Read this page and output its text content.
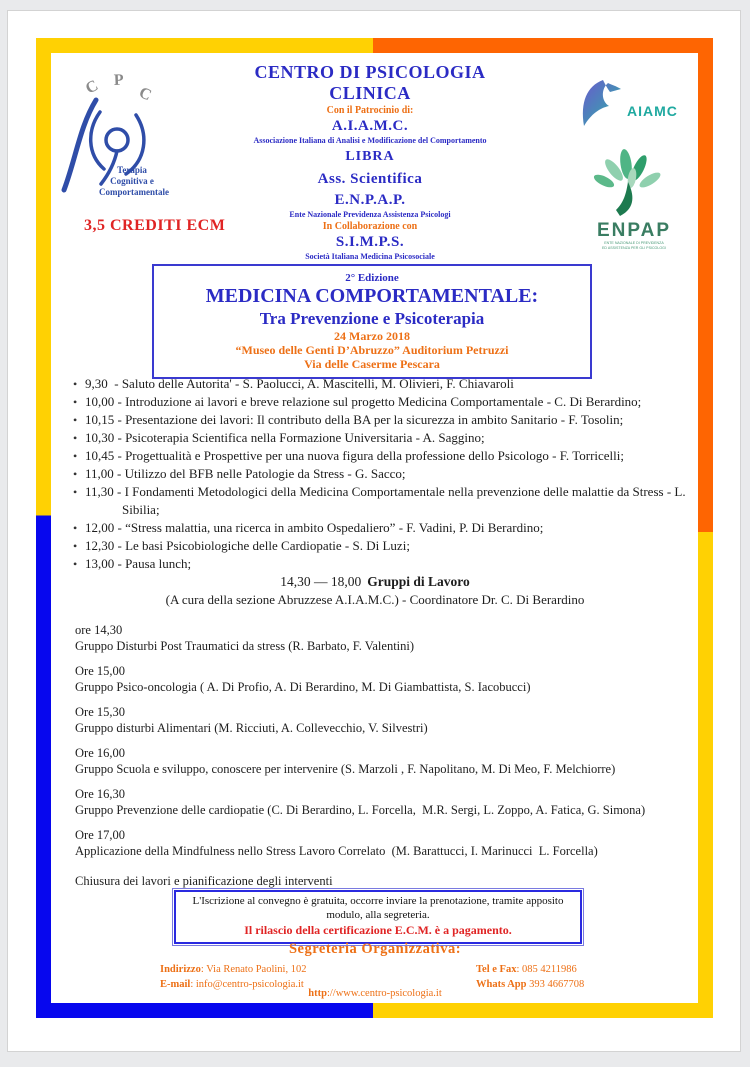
C P
C
Terapia
Cognitiva e
Comportamentale
CENTRO DI PSICOLOGIA
CLINICA
Con il Patrocinio di:
A.I.A.M.C.
Associazione Italiana di Analisi e Modificazione del Comportamento
LIBRA
Ass. Scientifica
E.N.P.A.P.
Ente Nazionale Previdenza Assistenza Psicologi
In Collaborazione con
S.I.M.P.S.
Società Italiana Medicina Psicosociale
AIAMC
ENPAP
ENTE NAZIONALE DI PREVIDENZA
ED ASSISTENZA PER GLI PSICOLOGI
3,5 CREDITI ECM
2° Edizione
MEDICINA COMPORTAMENTALE:
Tra Prevenzione e Psicoterapia
24 Marzo 2018
“Museo delle Genti D’Abruzzo” Auditorium Petruzzi
Via delle Caserme Pescara
• 9,30  - Saluto delle Autorita' - S. Paolucci, A. Mascitelli, M. Olivieri, F. Chiavaroli
• 10,00 - Introduzione ai lavori e breve relazione sul progetto Medicina Comportamentale - C. Di Berardino;
• 10,15 - Presentazione dei lavori: Il contributo della BA per la sicurezza in ambito Sanitario - F. Tosolin;
• 10,30 - Psicoterapia Scientifica nella Formazione Universitaria - A. Saggino;
• 10,45 - Progettualità e Prospettive per una nuova figura della professione dello Psicologo - F. Torricelli;
• 11,00 - Utilizzo del BFB nelle Patologie da Stress - G. Sacco;
• 11,30 - I Fondamenti Metodologici della Medicina Comportamentale nella prevenzione delle malattie da Stress - L. Sibilia;
• 12,00 - “Stress malattia, una ricerca in ambito Ospedaliero” - F. Vadini, P. Di Berardino;
• 12,30 - Le basi Psicobiologiche delle Cardiopatie - S. Di Luzi;
• 13,00 - Pausa lunch;
14,30 — 18,00 Gruppi di Lavoro
(A cura della sezione Abruzzese A.I.A.M.C.) - Coordinatore Dr. C. Di Berardino
ore 14,30
Gruppo Disturbi Post Traumatici da stress (R. Barbato, F. Valentini)
Ore 15,00
Gruppo Psico-oncologia ( A. Di Profio, A. Di Berardino, M. Di Giambattista, S. Iacobucci)
Ore 15,30
Gruppo disturbi Alimentari (M. Ricciuti, A. Collevecchio, V. Silvestri)
Ore 16,00
Gruppo Scuola e sviluppo, conoscere per intervenire (S. Marzoli , F. Napolitano, M. Di Meo, F. Melchiorre)
Ore 16,30
Gruppo Prevenzione delle cardiopatie (C. Di Berardino, L. Forcella,  M.R. Sergi, L. Zoppo, A. Fatica, G. Simona)
Ore 17,00
Applicazione della Mindfulness nello Stress Lavoro Correlato  (M. Barattucci, I. Marinucci  L. Forcella)
Chiusura dei lavori e pianificazione degli interventi
L'Iscrizione al convegno è gratuita, occorre inviare la prenotazione, tramite apposito modulo, alla segreteria.
Il rilascio della certificazione E.C.M. è a pagamento.
Segreteria Organizzativa:
Indirizzo: Via Renato Paolini, 102
E-mail: info@centro-psicologia.it
Tel e Fax: 085 4211986
Whats App 393 4667708
http://www.centro-psicologia.it
